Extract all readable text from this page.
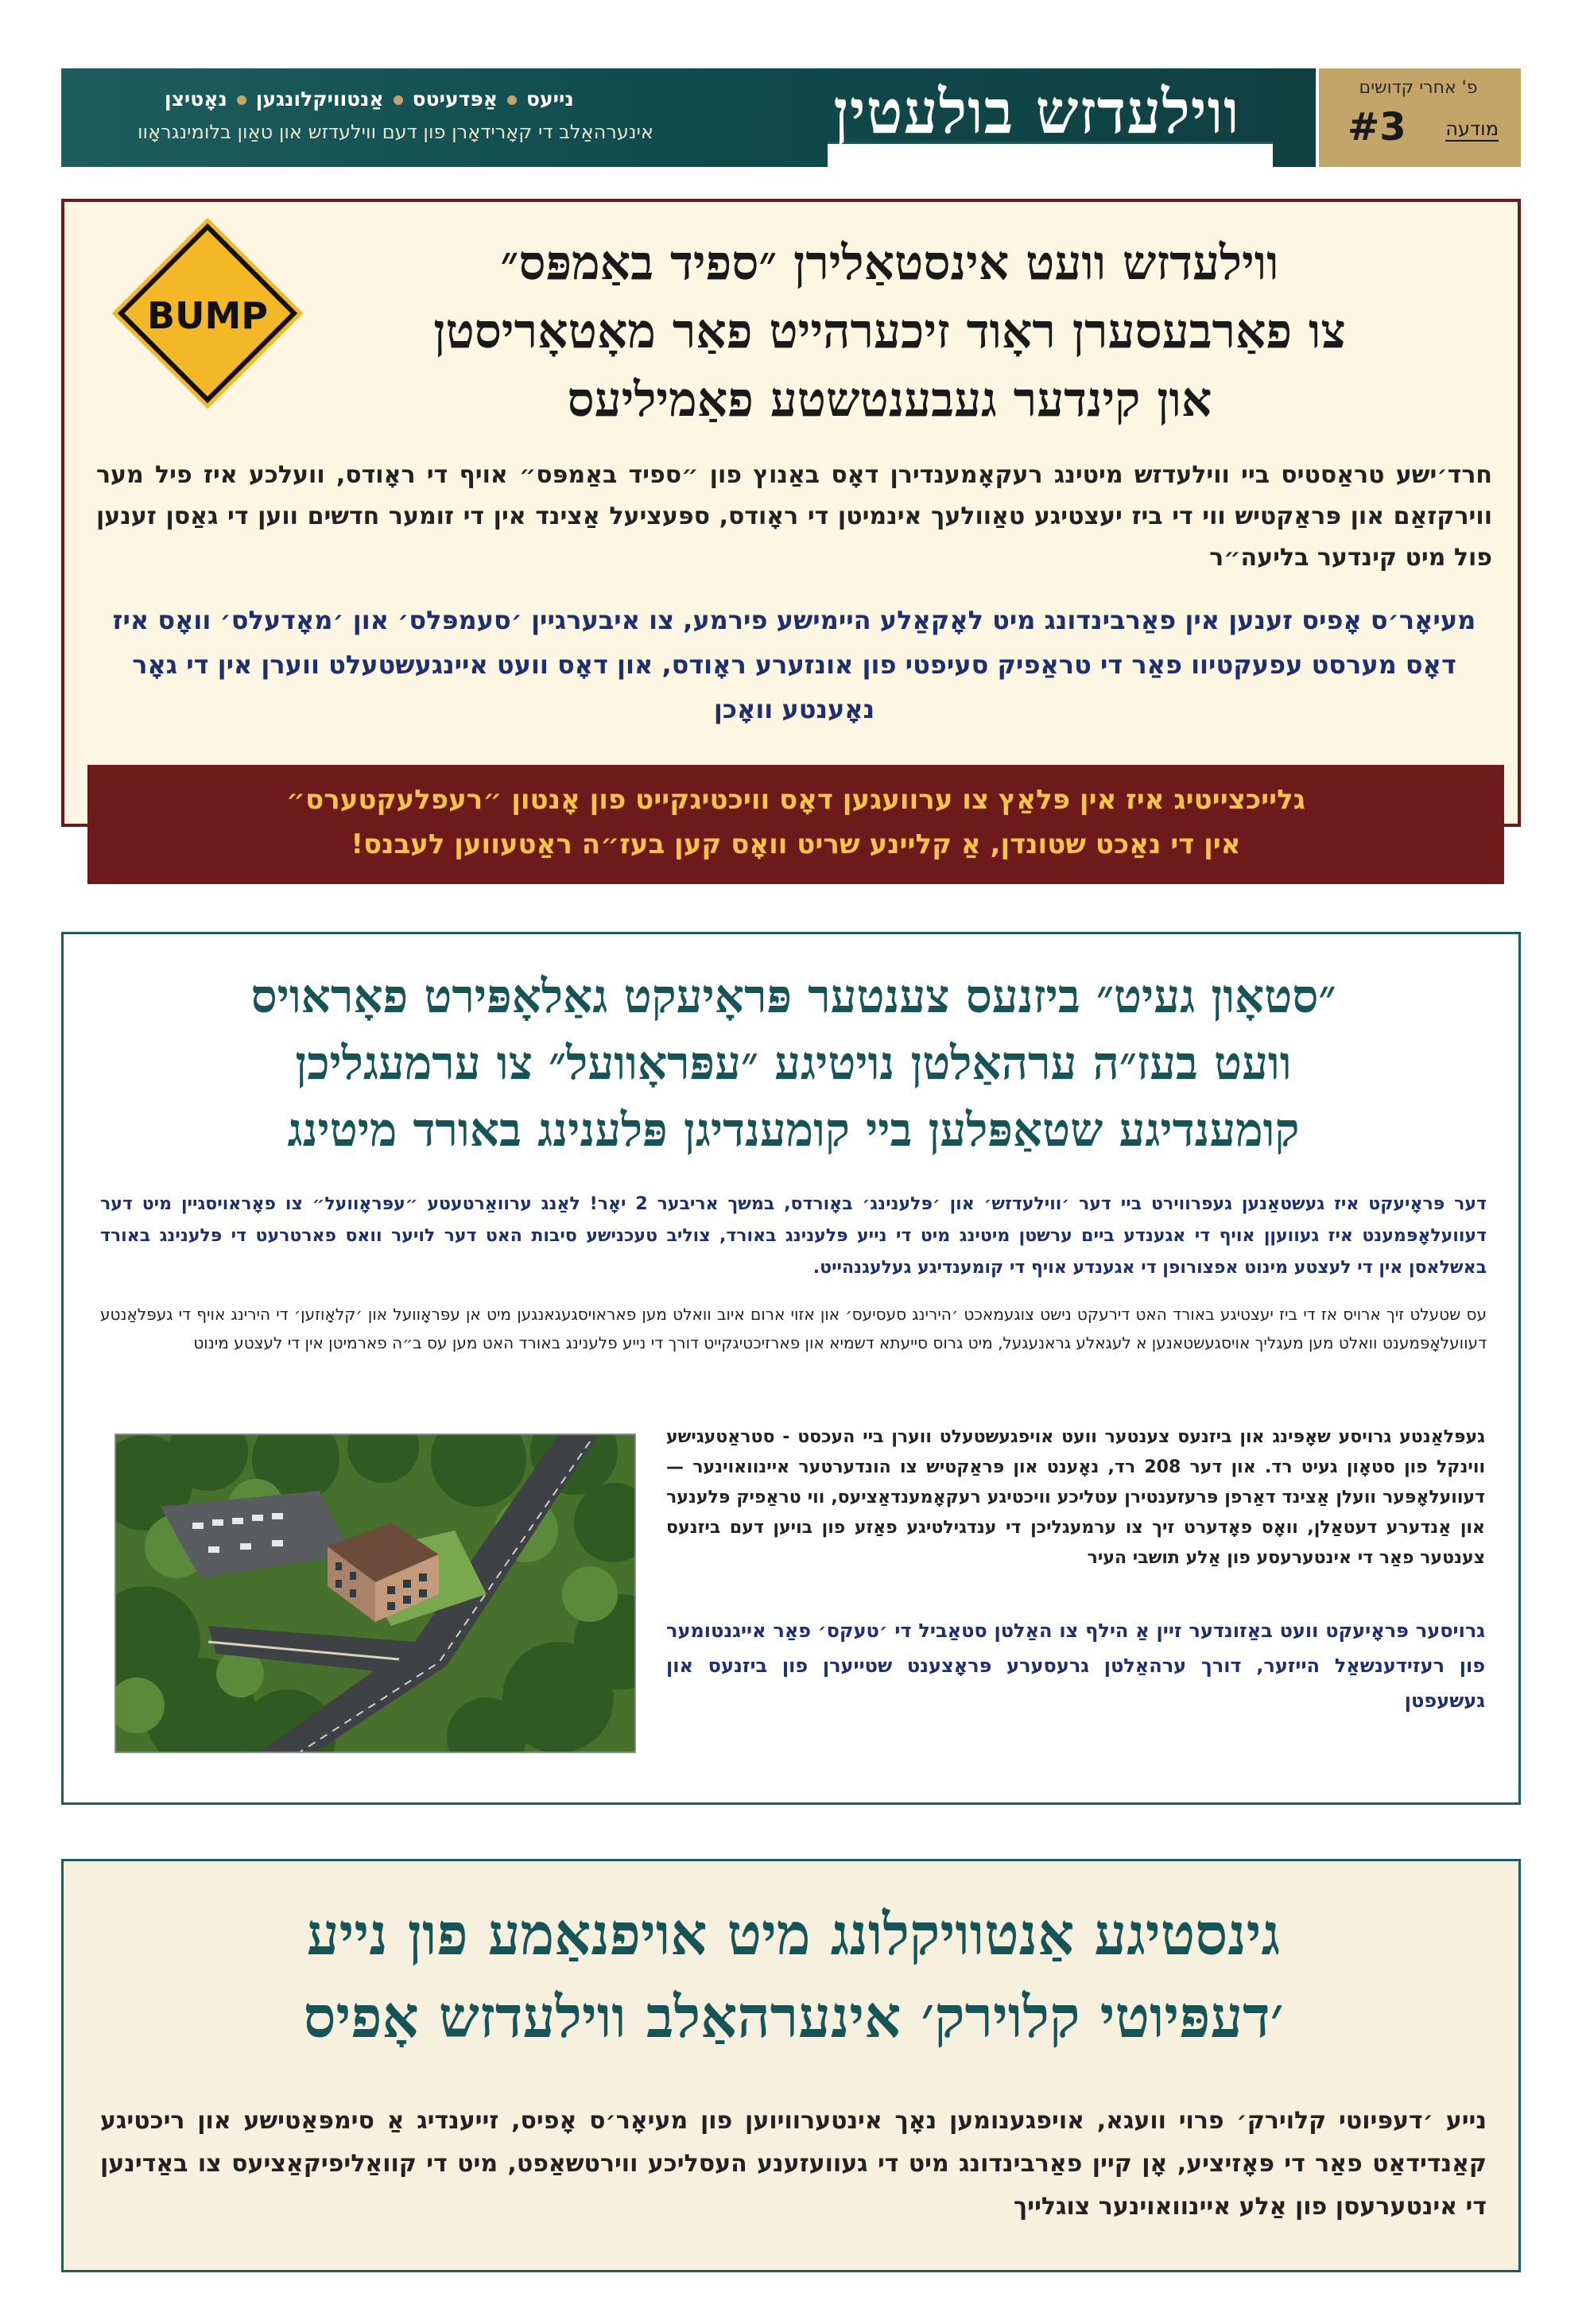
פ' אחרי קדושים
מודעה
#3
ווילעדזש בולעטין
נייעסאַפּדעיטסאַנטוויקלונגעןנאָטיצן
אינערהאַלב די קאָרידאָרן פון דעם ווילעדזש און טאַון בלומינגראָוו
BUMP
ווילעדזש וועט אינסטאַלירן ״ספיד באַמפּס״
צו פאַרבעסערן ראָוד זיכערהייט פאַר מאָטאָריסטן
און קינדער געבענטשטע פאַמיליעס
חרד׳ישע טראַסטיס ביי ווילעדזש מיטינג רעקאָמענדירן דאָס באַנוץ פון ״ספיד באַמפּס״ אויף די ראָודס, וועלכע איז פיל מער ווירקזאַם און פּראַקטיש ווי די ביז יעצטיגע טאַוולעך אינמיטן די ראָודס, ספּעציעל אַצינד אין די זומער חדשים ווען די גאַסן זענען פול מיט קינדער בליעה״ר
מעיאָר׳ס אָפיס זענען אין פאַרבינדונג מיט לאָקאַלע היימישע פירמע, צו איבערגיין ׳סעמפּלס׳ און ׳מאָדעלס׳ וואָס איז דאָס מערסט עפעקטיוו פאַר די טראַפיק סעיפטי פון אונזערע ראָודס, און דאָס וועט איינגעשטעלט ווערן אין די גאָר נאָענטע וואָכן
גלייכצייטיג איז אין פּלאַץ צו ערוועגען דאָס וויכטיגקייט פון אָנטון ״רעפלעקטערס״
אין די נאַכט שטונדן, אַ קליינע שריט וואָס קען בעז״ה ראַטעווען לעבנס!
״סטאָון געיט״ ביזנעס צענטער פּראָיעקט גאַלאָפּירט פאָראויס
וועט בעז״ה ערהאַלטן נויטיגע ״עפּראָוועל״ צו ערמעגליכן
קומענדיגע שטאַפּלען ביי קומענדיגן פּלענינג באורד מיטינג
דער פּראָיעקט איז געשטאַנען געפרווירט ביי דער ׳ווילעדזש׳ און ׳פּלענינג׳ באָורדס, במשך אריבער 2 יאָר! לאַנג ערוואַרטעטע ״עפּראָוועל״ צו פאָראויסגיין מיט דער דעוועלאָפּמענט איז געוועןן אויף די אגענדע ביים ערשטן מיטינג מיט די נייע פּלענינג באורד, צוליב טעכנישע סיבות האט דער לויער וואס פארטרעט די פּלענינג באורד באשלאסן אין די לעצטע מינוט אפצורופן די אגענדע אויף די קומענדיגע געלעגנהייט.
עס שטעלט זיך ארויס אז די ביז יעצטיגע באורד האט דירעקט נישט צוגעמאכט ׳הירינג סעסיעס׳ און אזוי ארום איוב וואלט מען פאראויסגעגאנגען מיט אן עפּראָוועל און ׳קלאָוזען׳ די הירינג אויף די געפּלאַנטע דעוועלאָפּמענט וואלט מען מעגליך אויסגעשטאנען א לעגאלע גראנעגעל, מיט גרוס סייעתא דשמיא און פארזיכטיגקייט דורך די נייע פלענינג באורד האט מען עס ב״ה פארמיטן אין די לעצטע מינוט
געפּלאַנטע גרויסע שאָפּינג און ביזנעס צענטער וועט אויפגעשטעלט ווערן ביי העכסט - סטראַטעגישע ווינקל פון סטאָון געיט רד. און דער 208 רד, נאָענט און פּראַקטיש צו הונדערטער איינוואוינער — דעוועלאָפּער וועלן אַצינד דאַרפן פּרעזענטירן עטליכע וויכטיגע רעקאָמענדאַציעס, ווי טראַפיק פּלענער און אַנדערע דעטאַלן, וואָס פאָדערט זיך צו ערמעגליכן די ענדגילטיגע פאַזע פון בויען דעם ביזנעס צענטער פאַר די אינטערעסע פון אַלע תושבי העיר
גרויסער פּראָיעקט וועט באַזונדער זיין אַ הילף צו האַלטן סטאַביל די ׳טעקס׳ פאַר אייגנטומער פון רעזידענשאַל הייזער, דורך ערהאַלטן גרעסערע פּראָצענט שטייערן פון ביזנעס און געשעפטן
גינסטיגע אַנטוויקלונג מיט אויפנאַמע פון נייע
׳דעפּיוטי קלוירק׳ אינערהאַלב ווילעדזש אָפיס
נייע ׳דעפּיוטי קלוירק׳ פרוי וועגא, אויפגענומען נאָך אינטערוויוען פון מעיאָר׳ס אָפיס, זייענדיג אַ סימפּאַטישע און ריכטיגע קאַנדידאַט פאַר די פּאָזיציע, אָן קיין פאַרבינדונג מיט די געוועזענע העסליכע ווירטשאַפט, מיט די קוואַליפיקאַציעס צו באַדינען די אינטערעסן פון אַלע איינוואוינער צוגלייך
